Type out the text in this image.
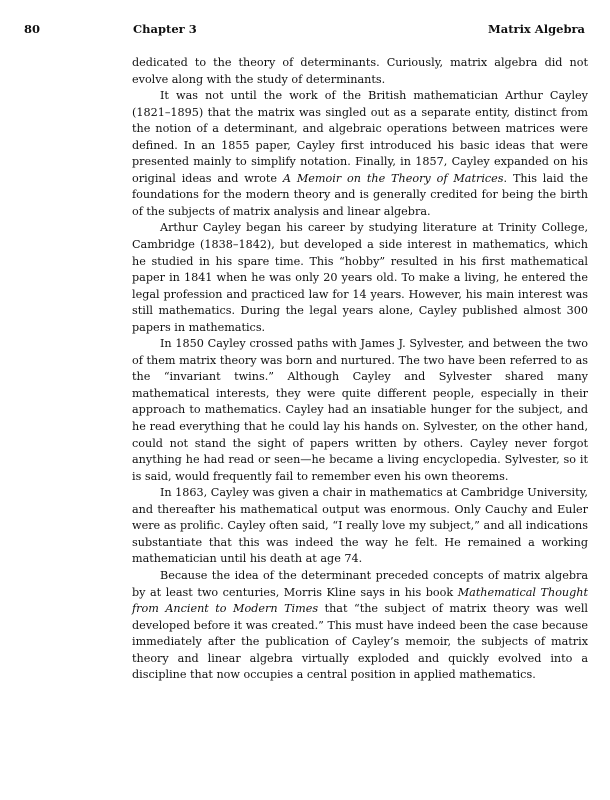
80	Chapter 3	Matrix Algebra

dedicated to the theory of determinants. Curiously, matrix algebra did not evolve along with the study of determinants.

It was not until the work of the British mathematician Arthur Cayley (1821–1895) that the matrix was singled out as a separate entity, distinct from the notion of a determinant, and algebraic operations between matrices were defined. In an 1855 paper, Cayley first introduced his basic ideas that were presented mainly to simplify notation. Finally, in 1857, Cayley expanded on his original ideas and wrote A Memoir on the Theory of Matrices. This laid the foundations for the modern theory and is generally credited for being the birth of the subjects of matrix analysis and linear algebra.

Arthur Cayley began his career by studying literature at Trinity College, Cambridge (1838–1842), but developed a side interest in mathematics, which he studied in his spare time. This “hobby” resulted in his first mathematical paper in 1841 when he was only 20 years old. To make a living, he entered the legal profession and practiced law for 14 years. However, his main interest was still mathematics. During the legal years alone, Cayley published almost 300 papers in mathematics.

In 1850 Cayley crossed paths with James J. Sylvester, and between the two of them matrix theory was born and nurtured. The two have been referred to as the “invariant twins.” Although Cayley and Sylvester shared many mathematical interests, they were quite different people, especially in their approach to mathematics. Cayley had an insatiable hunger for the subject, and he read everything that he could lay his hands on. Sylvester, on the other hand, could not stand the sight of papers written by others. Cayley never forgot anything he had read or seen—he became a living encyclopedia. Sylvester, so it is said, would frequently fail to remember even his own theorems.

In 1863, Cayley was given a chair in mathematics at Cambridge University, and thereafter his mathematical output was enormous. Only Cauchy and Euler were as prolific. Cayley often said, “I really love my subject,” and all indications substantiate that this was indeed the way he felt. He remained a working mathematician until his death at age 74.

Because the idea of the determinant preceded concepts of matrix algebra by at least two centuries, Morris Kline says in his book Mathematical Thought from Ancient to Modern Times that “the subject of matrix theory was well developed before it was created.” This must have indeed been the case because immediately after the publication of Cayley’s memoir, the subjects of matrix theory and linear algebra virtually exploded and quickly evolved into a discipline that now occupies a central position in applied mathematics.
